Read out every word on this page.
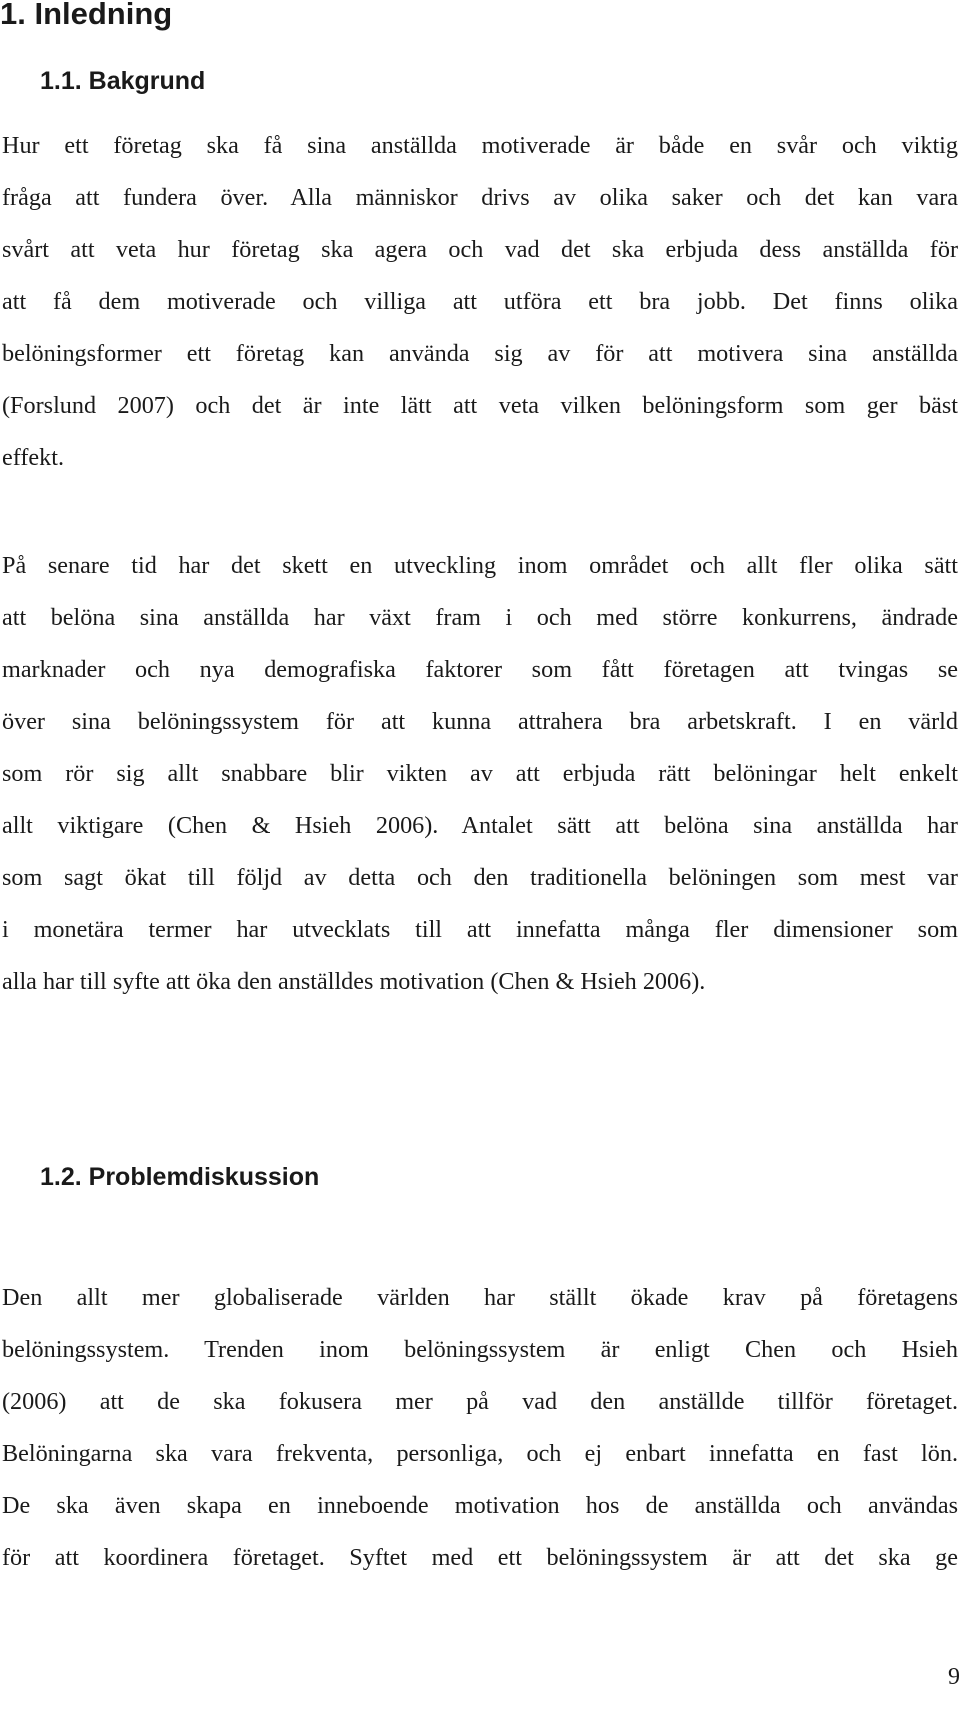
1. Inledning
1.1. Bakgrund

Hur ett företag ska få sina anställda motiverade är både en svår och viktig
fråga att fundera över. Alla människor drivs av olika saker och det kan vara
svårt att veta hur företag ska agera och vad det ska erbjuda dess anställda för
att få dem motiverade och villiga att utföra ett bra jobb. Det finns olika
belöningsformer ett företag kan använda sig av för att motivera sina anställda
(Forslund 2007) och det är inte lätt att veta vilken belöningsform som ger bäst
effekt.

På senare tid har det skett en utveckling inom området och allt fler olika sätt
att belöna sina anställda har växt fram i och med större konkurrens, ändrade
marknader och nya demografiska faktorer som fått företagen att tvingas se
över sina belöningssystem för att kunna attrahera bra arbetskraft. I en värld
som rör sig allt snabbare blir vikten av att erbjuda rätt belöningar helt enkelt
allt viktigare (Chen & Hsieh 2006). Antalet sätt att belöna sina anställda har
som sagt ökat till följd av detta och den traditionella belöningen som mest var
i monetära termer har utvecklats till att innefatta många fler dimensioner som
alla har till syfte att öka den anställdes motivation (Chen & Hsieh 2006).

1.2. Problemdiskussion

Den allt mer globaliserade världen har ställt ökade krav på företagens
belöningssystem. Trenden inom belöningssystem är enligt Chen och Hsieh
(2006) att de ska fokusera mer på vad den anställde tillför företaget.
Belöningarna ska vara frekventa, personliga, och ej enbart innefatta en fast lön.
De ska även skapa en inneboende motivation hos de anställda och användas
för att koordinera företaget. Syftet med ett belöningssystem är att det ska ge

9
